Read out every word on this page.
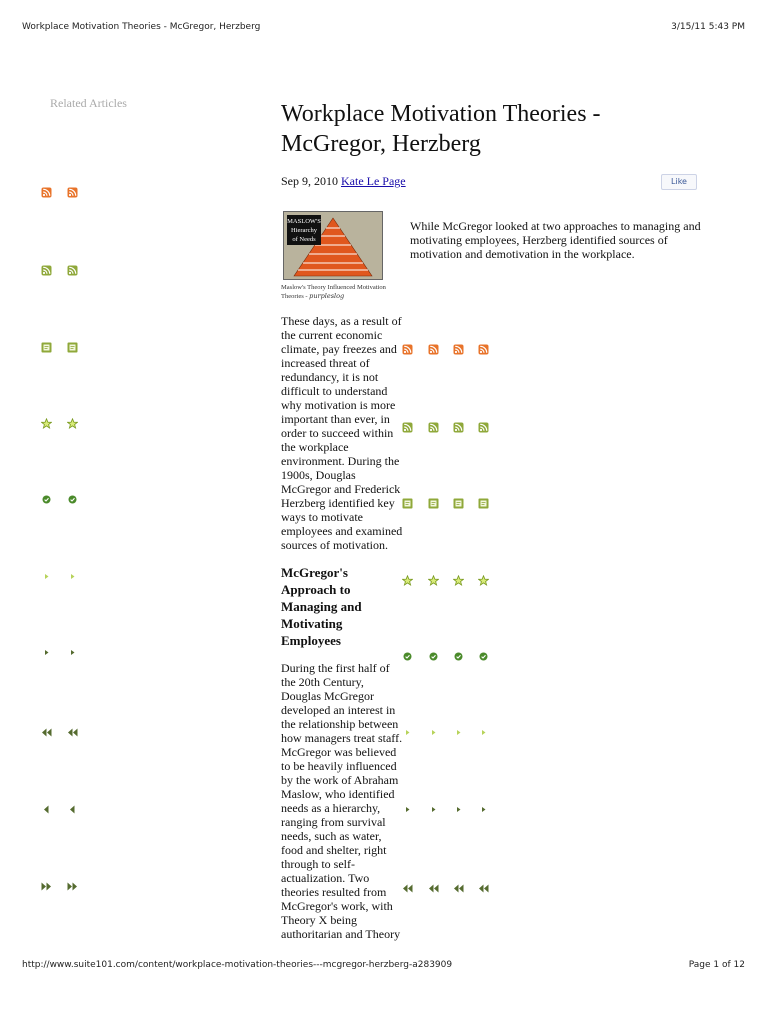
Workplace Motivation Theories - McGregor, Herzberg	3/15/11 5:43 PM
Related Articles	Workplace Motivation Theories - McGregor, Herzberg
Sep 9, 2010 Kate Le Page	Like
MASLOW'S
Hierarchy
of Needs
Maslow's Theory Influenced Motivation Theories - purpleslog
While McGregor looked at two approaches to managing and motivating employees, Herzberg identified sources of motivation and demotivation in the workplace.
These days, as a result of the current economic climate, pay freezes and increased threat of redundancy, it is not difficult to understand why motivation is more important than ever, in order to succeed within the workplace environment. During the 1900s, Douglas McGregor and Frederick Herzberg identified key ways to motivate employees and examined sources of motivation.
McGregor's Approach to Managing and Motivating Employees
During the first half of the 20th Century, Douglas McGregor developed an interest in the relationship between how managers treat staff. McGregor was believed to be heavily influenced by the work of Abraham Maslow, who identified needs as a hierarchy, ranging from survival needs, such as water, food and shelter, right through to self-actualization. Two theories resulted from McGregor's work, with Theory X being authoritarian and Theory
http://www.suite101.com/content/workplace-motivation-theories---mcgregor-herzberg-a283909	Page 1 of 12
